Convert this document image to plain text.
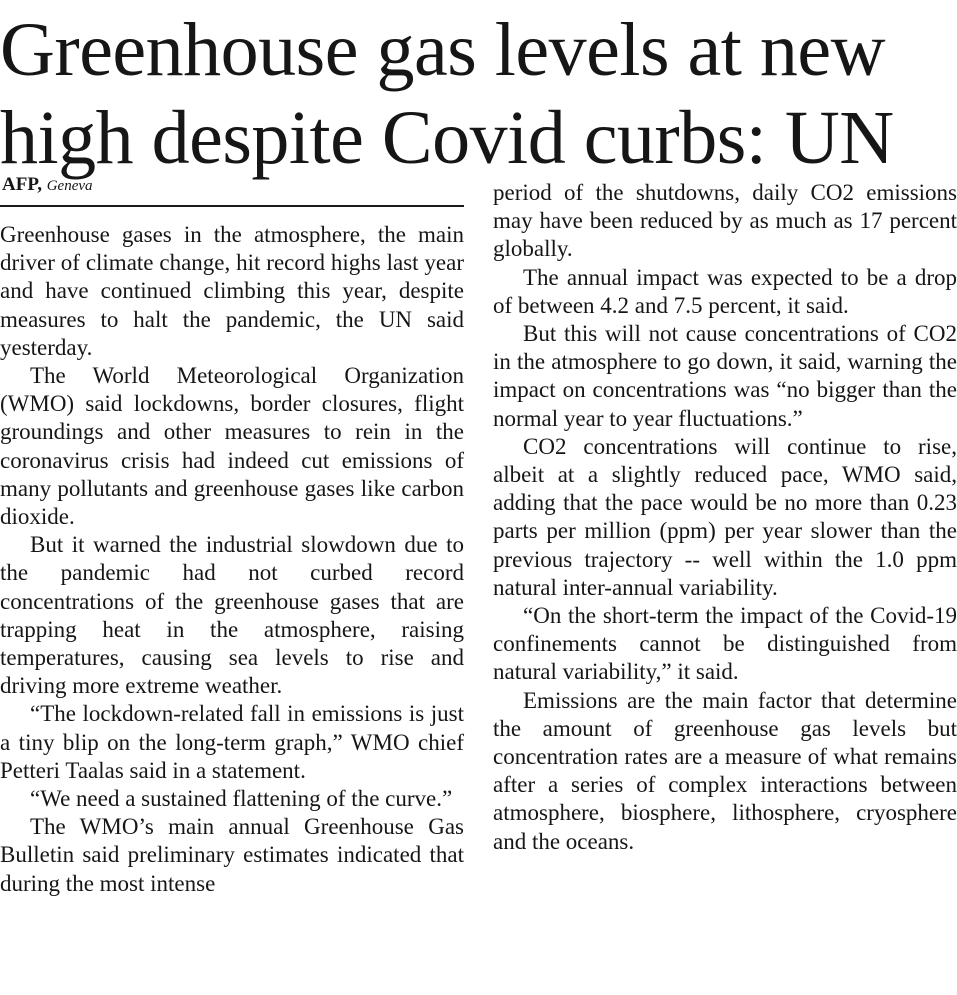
Greenhouse gas levels at new high despite Covid curbs: UN
AFP, Geneva

Greenhouse gases in the atmosphere, the main driver of climate change, hit record highs last year and have continued climbing this year, despite measures to halt the pandemic, the UN said yesterday.

The World Meteorological Organization (WMO) said lockdowns, border closures, flight groundings and other measures to rein in the coronavirus crisis had indeed cut emissions of many pollutants and greenhouse gases like carbon dioxide.

But it warned the industrial slowdown due to the pandemic had not curbed record concentrations of the greenhouse gases that are trapping heat in the atmosphere, raising temperatures, causing sea levels to rise and driving more extreme weather.

“The lockdown-related fall in emissions is just a tiny blip on the long-term graph,” WMO chief Petteri Taalas said in a statement.

“We need a sustained flattening of the curve.”

The WMO’s main annual Greenhouse Gas Bulletin said preliminary estimates indicated that during the most intense

period of the shutdowns, daily CO2 emissions may have been reduced by as much as 17 percent globally.

The annual impact was expected to be a drop of between 4.2 and 7.5 percent, it said.

But this will not cause concentrations of CO2 in the atmosphere to go down, it said, warning the impact on concentrations was “no bigger than the normal year to year fluctuations.”

CO2 concentrations will continue to rise, albeit at a slightly reduced pace, WMO said, adding that the pace would be no more than 0.23 parts per million (ppm) per year slower than the previous trajectory -- well within the 1.0 ppm natural inter-annual variability.

“On the short-term the impact of the Covid-19 confinements cannot be distinguished from natural variability,” it said.

Emissions are the main factor that determine the amount of greenhouse gas levels but concentration rates are a measure of what remains after a series of complex interactions between atmosphere, biosphere, lithosphere, cryosphere and the oceans.
